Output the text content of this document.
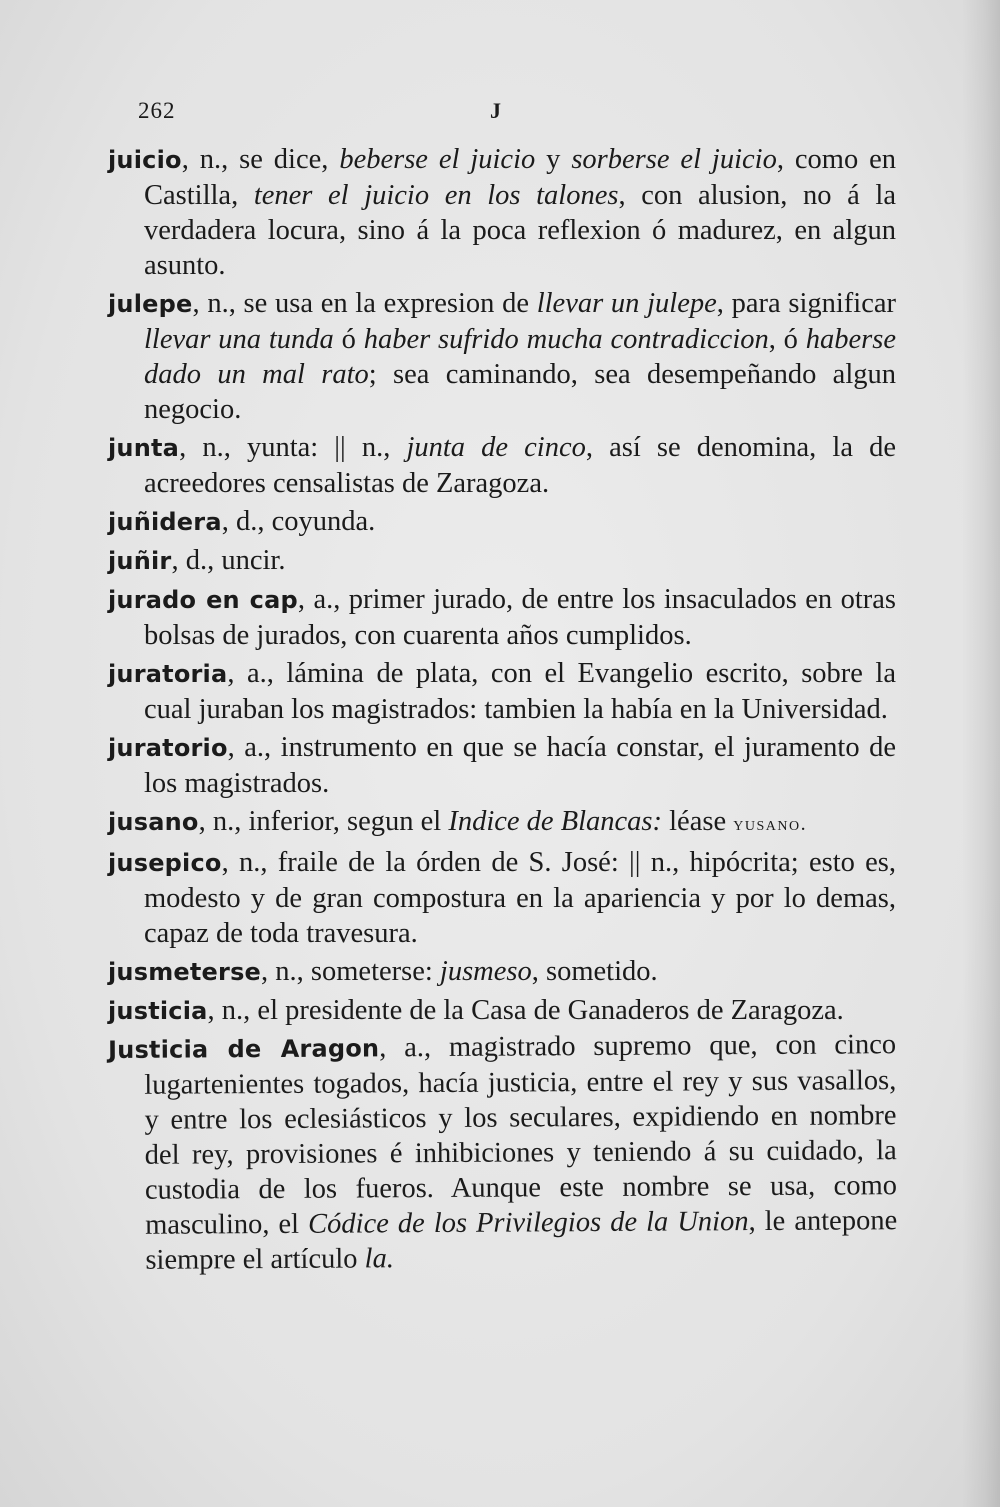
262	J

juicio, n., se dice, beberse el juicio y sorberse el juicio, como en Castilla, tener el juicio en los talones, con alusion, no á la verdadera locura, sino á la poca reflexion ó madurez, en algun asunto.

julepe, n., se usa en la expresion de llevar un julepe, para significar llevar una tunda ó haber sufrido mucha contradiccion, ó haberse dado un mal rato; sea caminando, sea desempeñando algun negocio.

junta, n., yunta: || n., junta de cinco, así se denomina, la de acreedores censalistas de Zaragoza.

juñidera, d., coyunda.

juñir, d., uncir.

jurado en cap, a., primer jurado, de entre los insaculados en otras bolsas de jurados, con cuarenta años cumplidos.

juratoria, a., lámina de plata, con el Evangelio escrito, sobre la cual juraban los magistrados: tambien la había en la Universidad.

juratorio, a., instrumento en que se hacía constar, el juramento de los magistrados.

jusano, n., inferior, segun el Indice de Blancas: léase yusano.

jusepico, n., fraile de la órden de S. José: || n., hipócrita; esto es, modesto y de gran compostura en la apariencia y por lo demas, capaz de toda travesura.

jusmeterse, n., someterse: jusmeso, sometido.

justicia, n., el presidente de la Casa de Ganaderos de Zaragoza.

Justicia de Aragon, a., magistrado supremo que, con cinco lugartenientes togados, hacía justicia, entre el rey y sus vasallos, y entre los eclesiásticos y los seculares, expidiendo en nombre del rey, provisiones é inhibiciones y teniendo á su cuidado, la custodia de los fueros. Aunque este nombre se usa, como masculino, el Códice de los Privilegios de la Union, le antepone siempre el artículo la.
